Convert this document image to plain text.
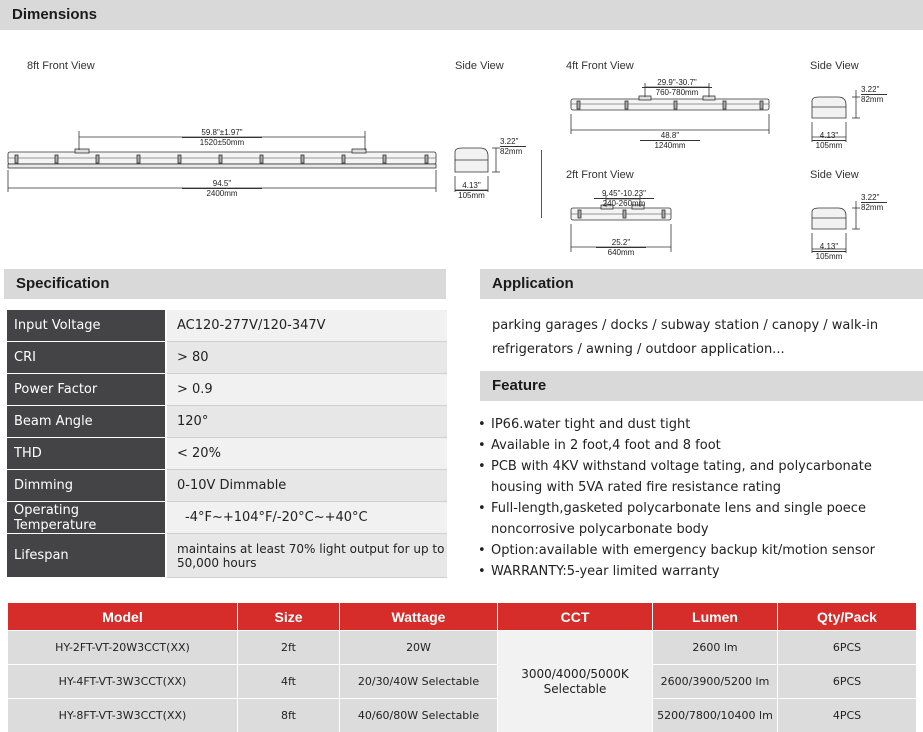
Dimensions
8ft Front View	Side View	4ft Front View	Side View
2ft Front View	Side View
59.8"±1.97"
1520±50mm
94.5"
2400mm
3.22"
82mm
4.13"
105mm
29.9"-30.7"
760-780mm
48.8"
1240mm
3.22"
82mm
4.13"
105mm
9.45"-10.23"
240-260mm
25.2"
640mm
3.22"
82mm
4.13"
105mm
Specification
Input Voltage	AC120-277V/120-347V
CRI	> 80
Power Factor	> 0.9
Beam Angle	120°
THD	< 20%
Dimming	0-10V Dimmable
Operating Temperature	-4°F~+104°F/-20°C~+40°C
Lifespan	maintains at least 70% light output for up to 50,000 hours
Application
parking garages / docks / subway station / canopy / walk-in refrigerators / awning / outdoor application...
Feature
• IP66.water tight and dust tight
• Available in 2 foot,4 foot and 8 foot
• PCB with 4KV withstand voltage tating, and polycarbonate housing with 5VA rated fire resistance rating
• Full-length,gasketed polycarbonate lens and single poece noncorrosive polycarbonate body
• Option:available with emergency backup kit/motion sensor
• WARRANTY:5-year limited warranty
Model	Size	Wattage	CCT	Lumen	Qty/Pack
HY-2FT-VT-20W3CCT(XX)	2ft	20W	3000/4000/5000K Selectable	2600 lm	6PCS
HY-4FT-VT-3W3CCT(XX)	4ft	20/30/40W Selectable		2600/3900/5200 lm	6PCS
HY-8FT-VT-3W3CCT(XX)	8ft	40/60/80W Selectable		5200/7800/10400 lm	4PCS
